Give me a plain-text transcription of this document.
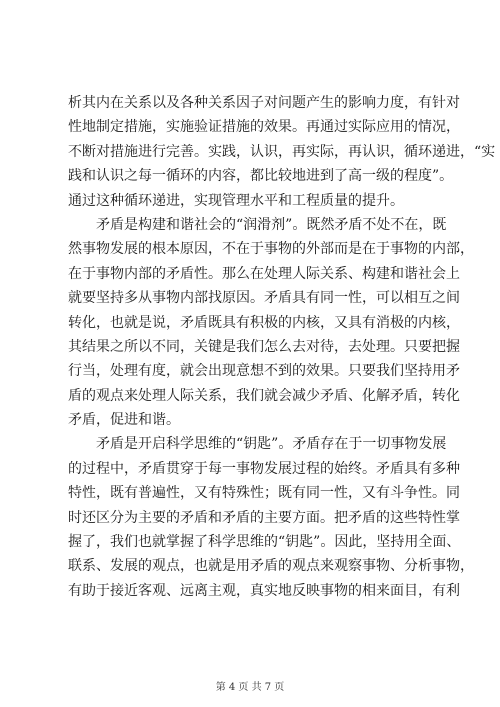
析其内在关系以及各种关系因子对问题产生的影响力度，有针对
性地制定措施，实施验证措施的效果。再通过实际应用的情况，
不断对措施进行完善。实践，认识，再实际，再认识，循环递进，“实
践和认识之每一循环的内容，都比较地进到了高一级的程度”。
通过这种循环递进，实现管理水平和工程质量的提升。
矛盾是构建和谐社会的“润滑剂”。既然矛盾不处不在，既
然事物发展的根本原因，不在于事物的外部而是在于事物的内部，
在于事物内部的矛盾性。那么在处理人际关系、构建和谐社会上
就要坚持多从事物内部找原因。矛盾具有同一性，可以相互之间
转化，也就是说，矛盾既具有积极的内核，又具有消极的内核，
其结果之所以不同，关键是我们怎么去对待，去处理。只要把握
行当，处理有度，就会出现意想不到的效果。只要我们坚持用矛
盾的观点来处理人际关系，我们就会减少矛盾、化解矛盾，转化
矛盾，促进和谐。
矛盾是开启科学思维的“钥匙”。矛盾存在于一切事物发展
的过程中，矛盾贯穿于每一事物发展过程的始终。矛盾具有多种
特性，既有普遍性，又有特殊性；既有同一性，又有斗争性。同
时还区分为主要的矛盾和矛盾的主要方面。把矛盾的这些特性掌
握了，我们也就掌握了科学思维的“钥匙”。因此，坚持用全面、
联系、发展的观点，也就是用矛盾的观点来观察事物、分析事物，
有助于接近客观、远离主观，真实地反映事物的相来面目，有利
第 4 页 共 7 页
